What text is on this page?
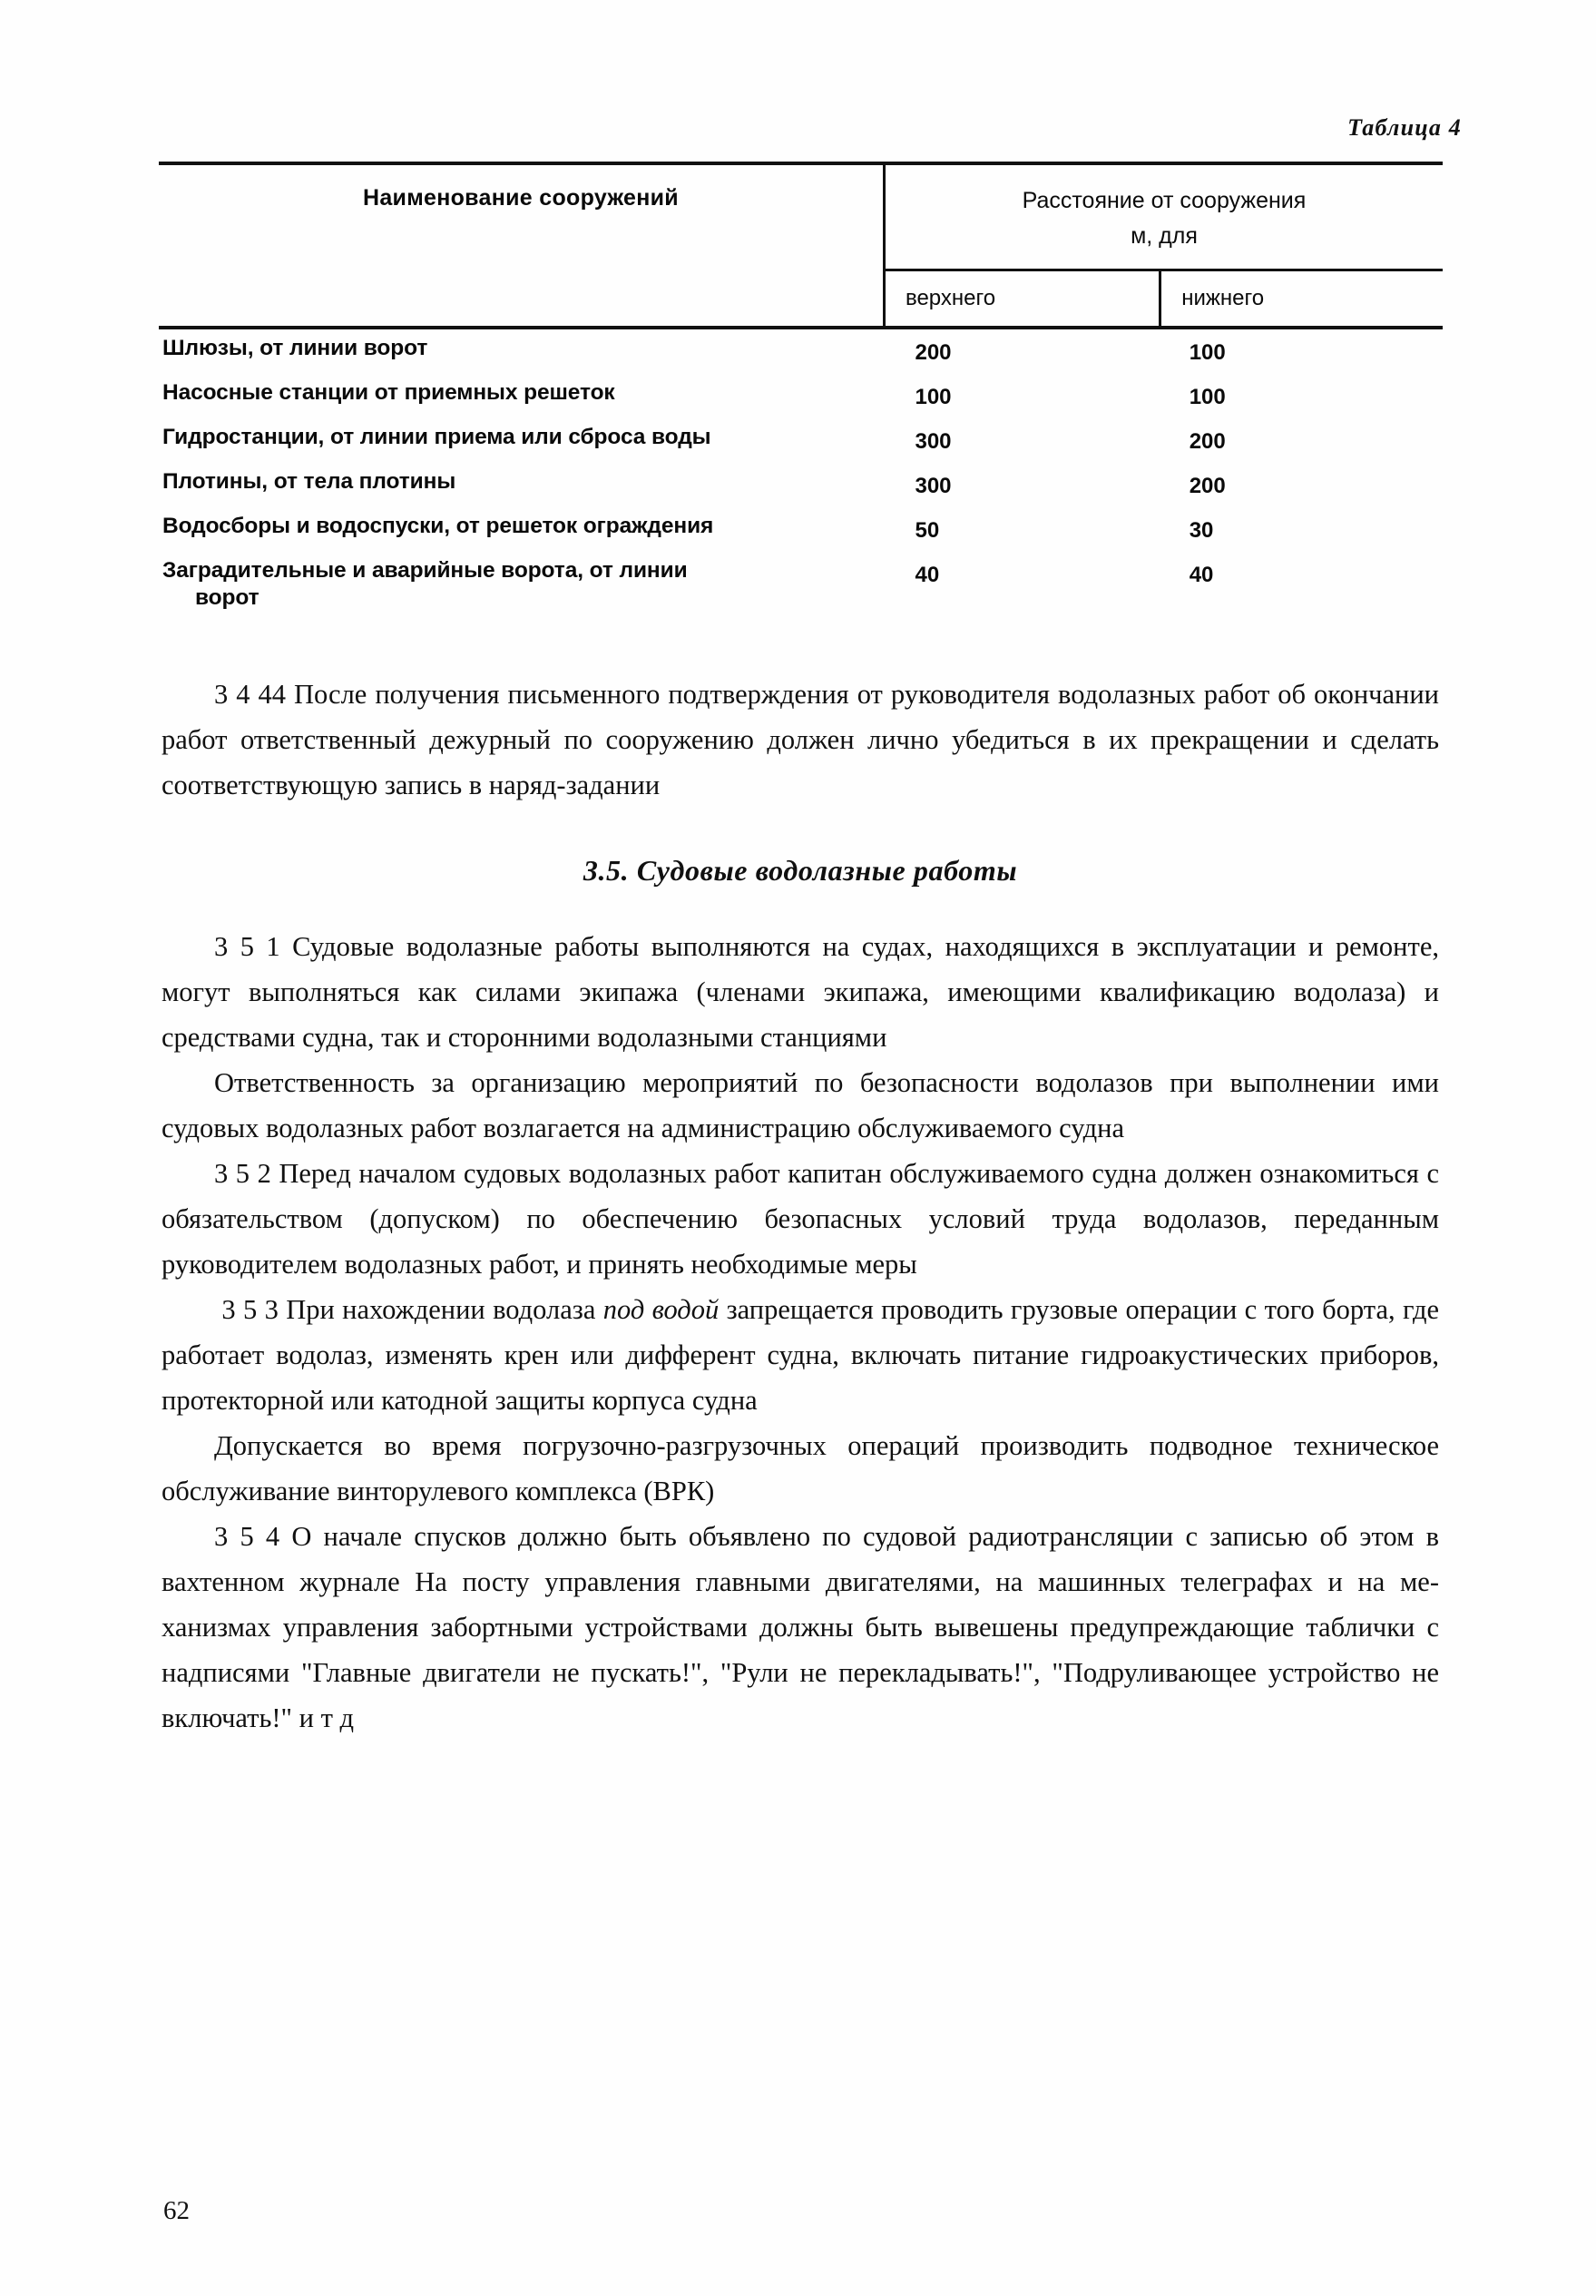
Таблица 4
Наименование сооружений	Расстояние от сооружения
м, для	

	верхнего	нижнего
Шлюзы, от линии ворот	200	100
Насосные станции от приемных решеток	100	100
Гидростанции, от линии приема или сброса воды	300	200
Плотины, от тела плотины	300	200
Водосборы и водоспуски, от решеток ограждения	50	30
Заградительные и аварийные ворота, от линии
ворот	40	40

3 4 44 После получения письменного подтверждения от руководителя водолазных работ об окончании работ ответственный дежурный по сооружению должен лично убедиться в их прекращении и сделать соответствующую запись в наряд-задании

3.5. Судовые водолазные работы

3 5 1 Судовые водолазные работы выполняются на судах, находящихся в эксплуатации и ремонте, могут выполняться как силами экипажа (членами экипажа, имеющими квалификацию водолаза) и средствами судна, так и сторонними водолазными станциями

Ответственность за организацию мероприятий по безопасности водолазов при выполнении ими судовых водолазных работ возлагается на администрацию обслуживаемого судна

3 5 2 Перед началом судовых водолазных работ капитан обслуживаемого судна должен ознакомиться с обязательством (допуском) по обеспечению безопасных условий труда водолазов, переданным руководителем водолазных работ, и принять необходимые меры

3 5 3 При нахождении водолаза под водой запрещается проводить грузовые операции с того борта, где работает водолаз, изменять крен или дифферент судна, включать питание гидроакустических приборов, протекторной или катодной защиты корпуса судна

Допускается во время погрузочно-разгрузочных операций производить подводное техническое обслуживание винторулевого комплекса (ВРК)

3 5 4 О начале спусков должно быть объявлено по судовой радиотрансляции с записью об этом в вахтенном журнале На посту управления главными двигателями, на машинных телеграфах и на механизмах управления забортными устройствами должны быть вывешены предупреждающие таблички с надписями "Главные двигатели не пускать!", "Рули не перекладывать!", "Подруливающее устройство не включать!" и т д

62
